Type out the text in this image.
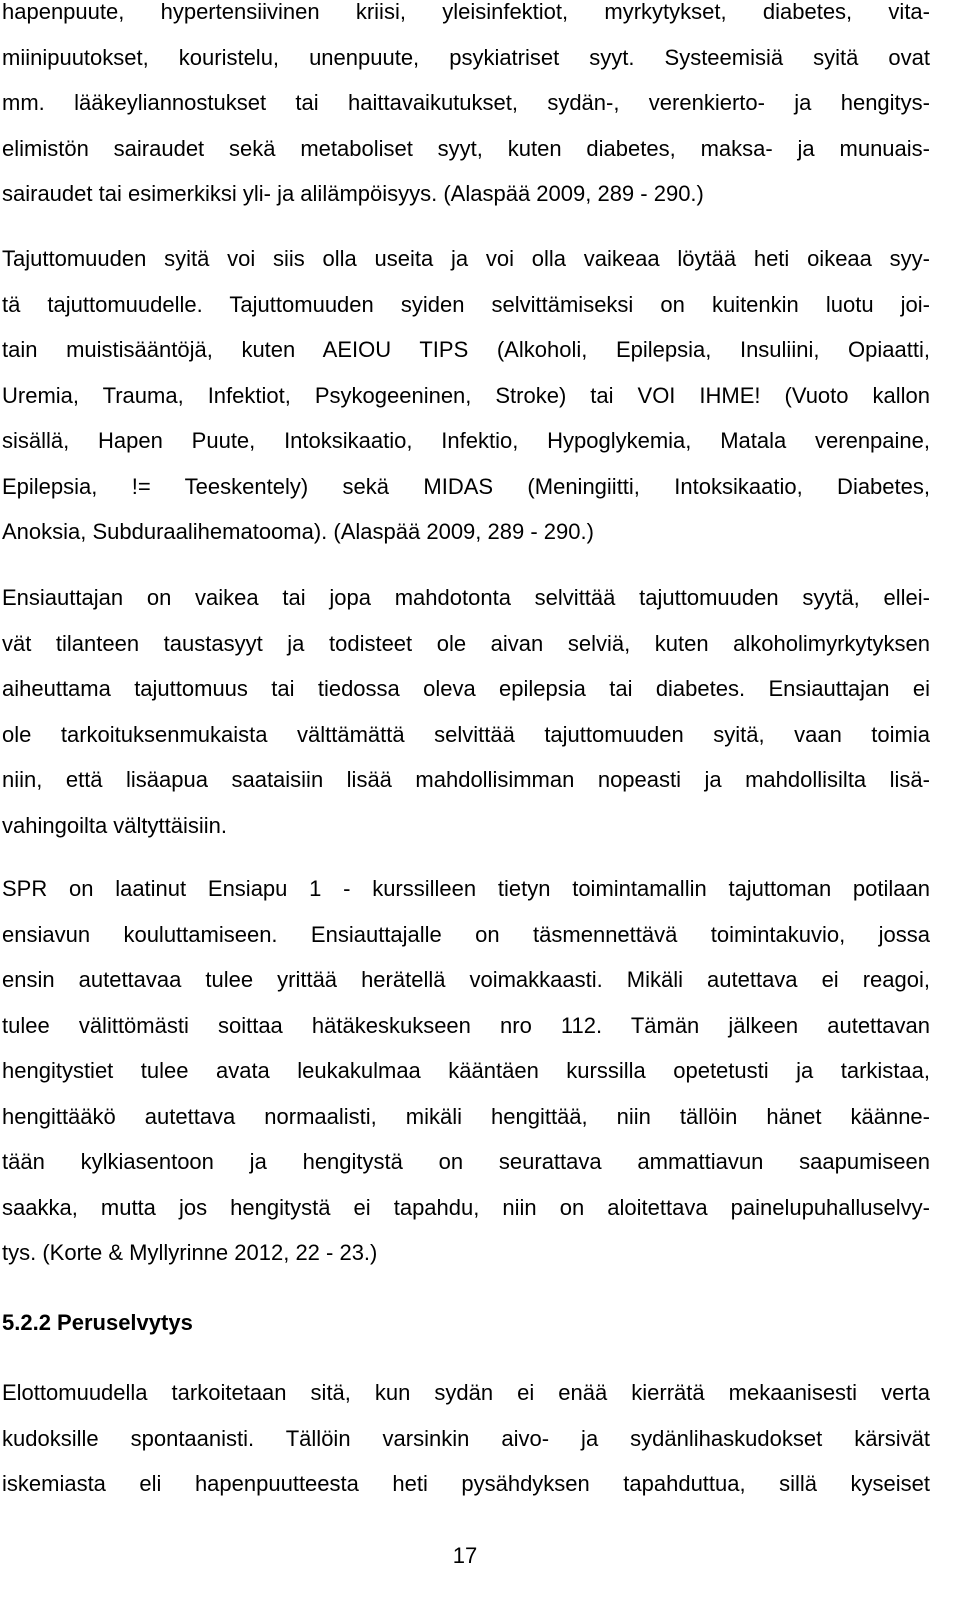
hapenpuute, hypertensiivinen kriisi, yleisinfektiot, myrkytykset, diabetes, vita-
miinipuutokset, kouristelu, unenpuute, psykiatriset syyt. Systeemisiä syitä ovat
mm. lääkeyliannostukset tai haittavaikutukset, sydän-, verenkierto- ja hengitys-
elimistön sairaudet sekä metaboliset syyt, kuten diabetes, maksa- ja munuais-
sairaudet tai esimerkiksi yli- ja alilämpöisyys. (Alaspää 2009, 289 - 290.)
Tajuttomuuden syitä voi siis olla useita ja voi olla vaikeaa löytää heti oikeaa syy-
tä tajuttomuudelle. Tajuttomuuden syiden selvittämiseksi on kuitenkin luotu joi-
tain muistisääntöjä, kuten AEIOU TIPS (Alkoholi, Epilepsia, Insuliini, Opiaatti,
Uremia, Trauma, Infektiot, Psykogeeninen, Stroke) tai VOI IHME! (Vuoto kallon
sisällä, Hapen Puute, Intoksikaatio, Infektio, Hypoglykemia, Matala verenpaine,
Epilepsia, != Teeskentely) sekä MIDAS (Meningiitti, Intoksikaatio, Diabetes,
Anoksia, Subduraalihematooma). (Alaspää 2009, 289 - 290.)
Ensiauttajan on vaikea tai jopa mahdotonta selvittää tajuttomuuden syytä, ellei-
vät tilanteen taustasyyt ja todisteet ole aivan selviä, kuten alkoholimyrkytyksen
aiheuttama tajuttomuus tai tiedossa oleva epilepsia tai diabetes. Ensiauttajan ei
ole tarkoituksenmukaista välttämättä selvittää tajuttomuuden syitä, vaan toimia
niin, että lisäapua saataisiin lisää mahdollisimman nopeasti ja mahdollisilta lisä-
vahingoilta vältyttäisiin.
SPR on laatinut Ensiapu 1 - kurssilleen tietyn toimintamallin tajuttoman potilaan
ensiavun kouluttamiseen. Ensiauttajalle on täsmennettävä toimintakuvio, jossa
ensin autettavaa tulee yrittää herätellä voimakkaasti. Mikäli autettava ei reagoi,
tulee välittömästi soittaa hätäkeskukseen nro 112. Tämän jälkeen autettavan
hengitystiet tulee avata leukakulmaa kääntäen kurssilla opetetusti ja tarkistaa,
hengittääkö autettava normaalisti, mikäli hengittää, niin tällöin hänet käänne-
tään kylkiasentoon ja hengitystä on seurattava ammattiavun saapumiseen
saakka, mutta jos hengitystä ei tapahdu, niin on aloitettava painelupuhalluselvy-
tys. (Korte & Myllyrinne 2012, 22 - 23.)
5.2.2 Peruselvytys
Elottomuudella tarkoitetaan sitä, kun sydän ei enää kierrätä mekaanisesti verta
kudoksille spontaanisti. Tällöin varsinkin aivo- ja sydänlihaskudokset kärsivät
iskemiasta eli hapenpuutteesta heti pysähdyksen tapahduttua, sillä kyseiset
17
